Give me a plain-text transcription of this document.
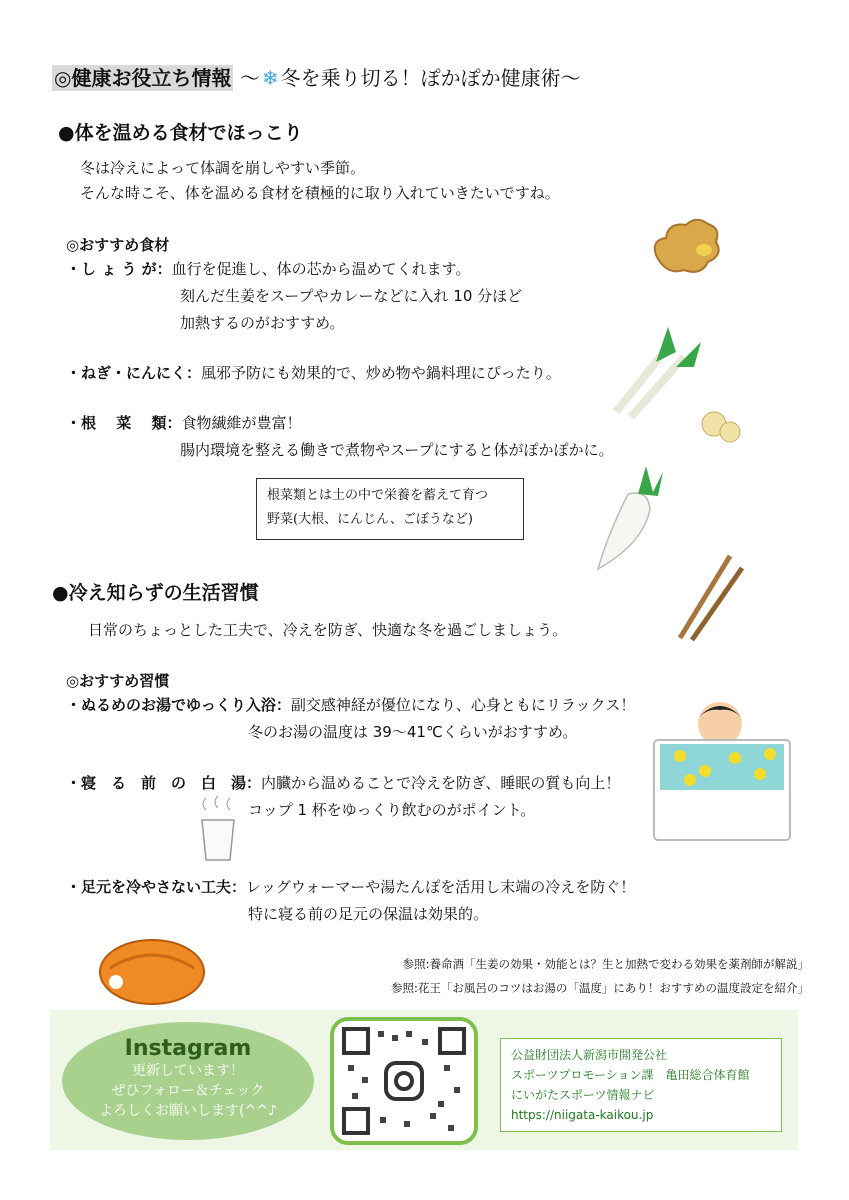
◎健康お役立ち情報 ～ ❄ 冬を乗り切る！ぽかぽか健康術～
●体を温める食材でほっこり
冬は冷えによって体調を崩しやすい季節。
そんな時こそ、体を温める食材を積極的に取り入れていきたいですね。
◎おすすめ食材
・し ょ う が：血行を促進し、体の芯から温めてくれます。
刻んだ生姜をスープやカレーなどに入れ 10 分ほど
加熱するのがおすすめ。
・ねぎ・にんにく：風邪予防にも効果的で、炒め物や鍋料理にぴったり。
・根　 菜 　類：食物繊維が豊富！
腸内環境を整える働きで煮物やスープにすると体がぽかぽかに。
根菜類とは土の中で栄養を蓄えて育つ
野菜(大根、にんじん、ごぼうなど)
●冷え知らずの生活習慣
日常のちょっとした工夫で、冷えを防ぎ、快適な冬を過ごしましょう。
◎おすすめ習慣
・ぬるめのお湯でゆっくり入浴：副交感神経が優位になり、心身ともにリラックス！
冬のお湯の温度は 39～41℃くらいがおすすめ。
・寝　る　前　の　白　湯：内臓から温めることで冷えを防ぎ、睡眠の質も向上！
コップ 1 杯をゆっくり飲むのがポイント。
・足元を冷やさない工夫：レッグウォーマーや湯たんぽを活用し末端の冷えを防ぐ！
特に寝る前の足元の保温は効果的。
参照:養命酒「生姜の効果・効能とは？生と加熱で変わる効果を薬剤師が解説」
参照:花王「お風呂のコツはお湯の「温度」にあり！おすすめの温度設定を紹介」
Instagram
更新しています！
ぜひフォロー＆チェック
よろしくお願いします(^^♪
公益財団法人新潟市開発公社
スポーツプロモーション課　亀田総合体育館
にいがたスポーツ情報ナビ
https://niigata-kaikou.jp
